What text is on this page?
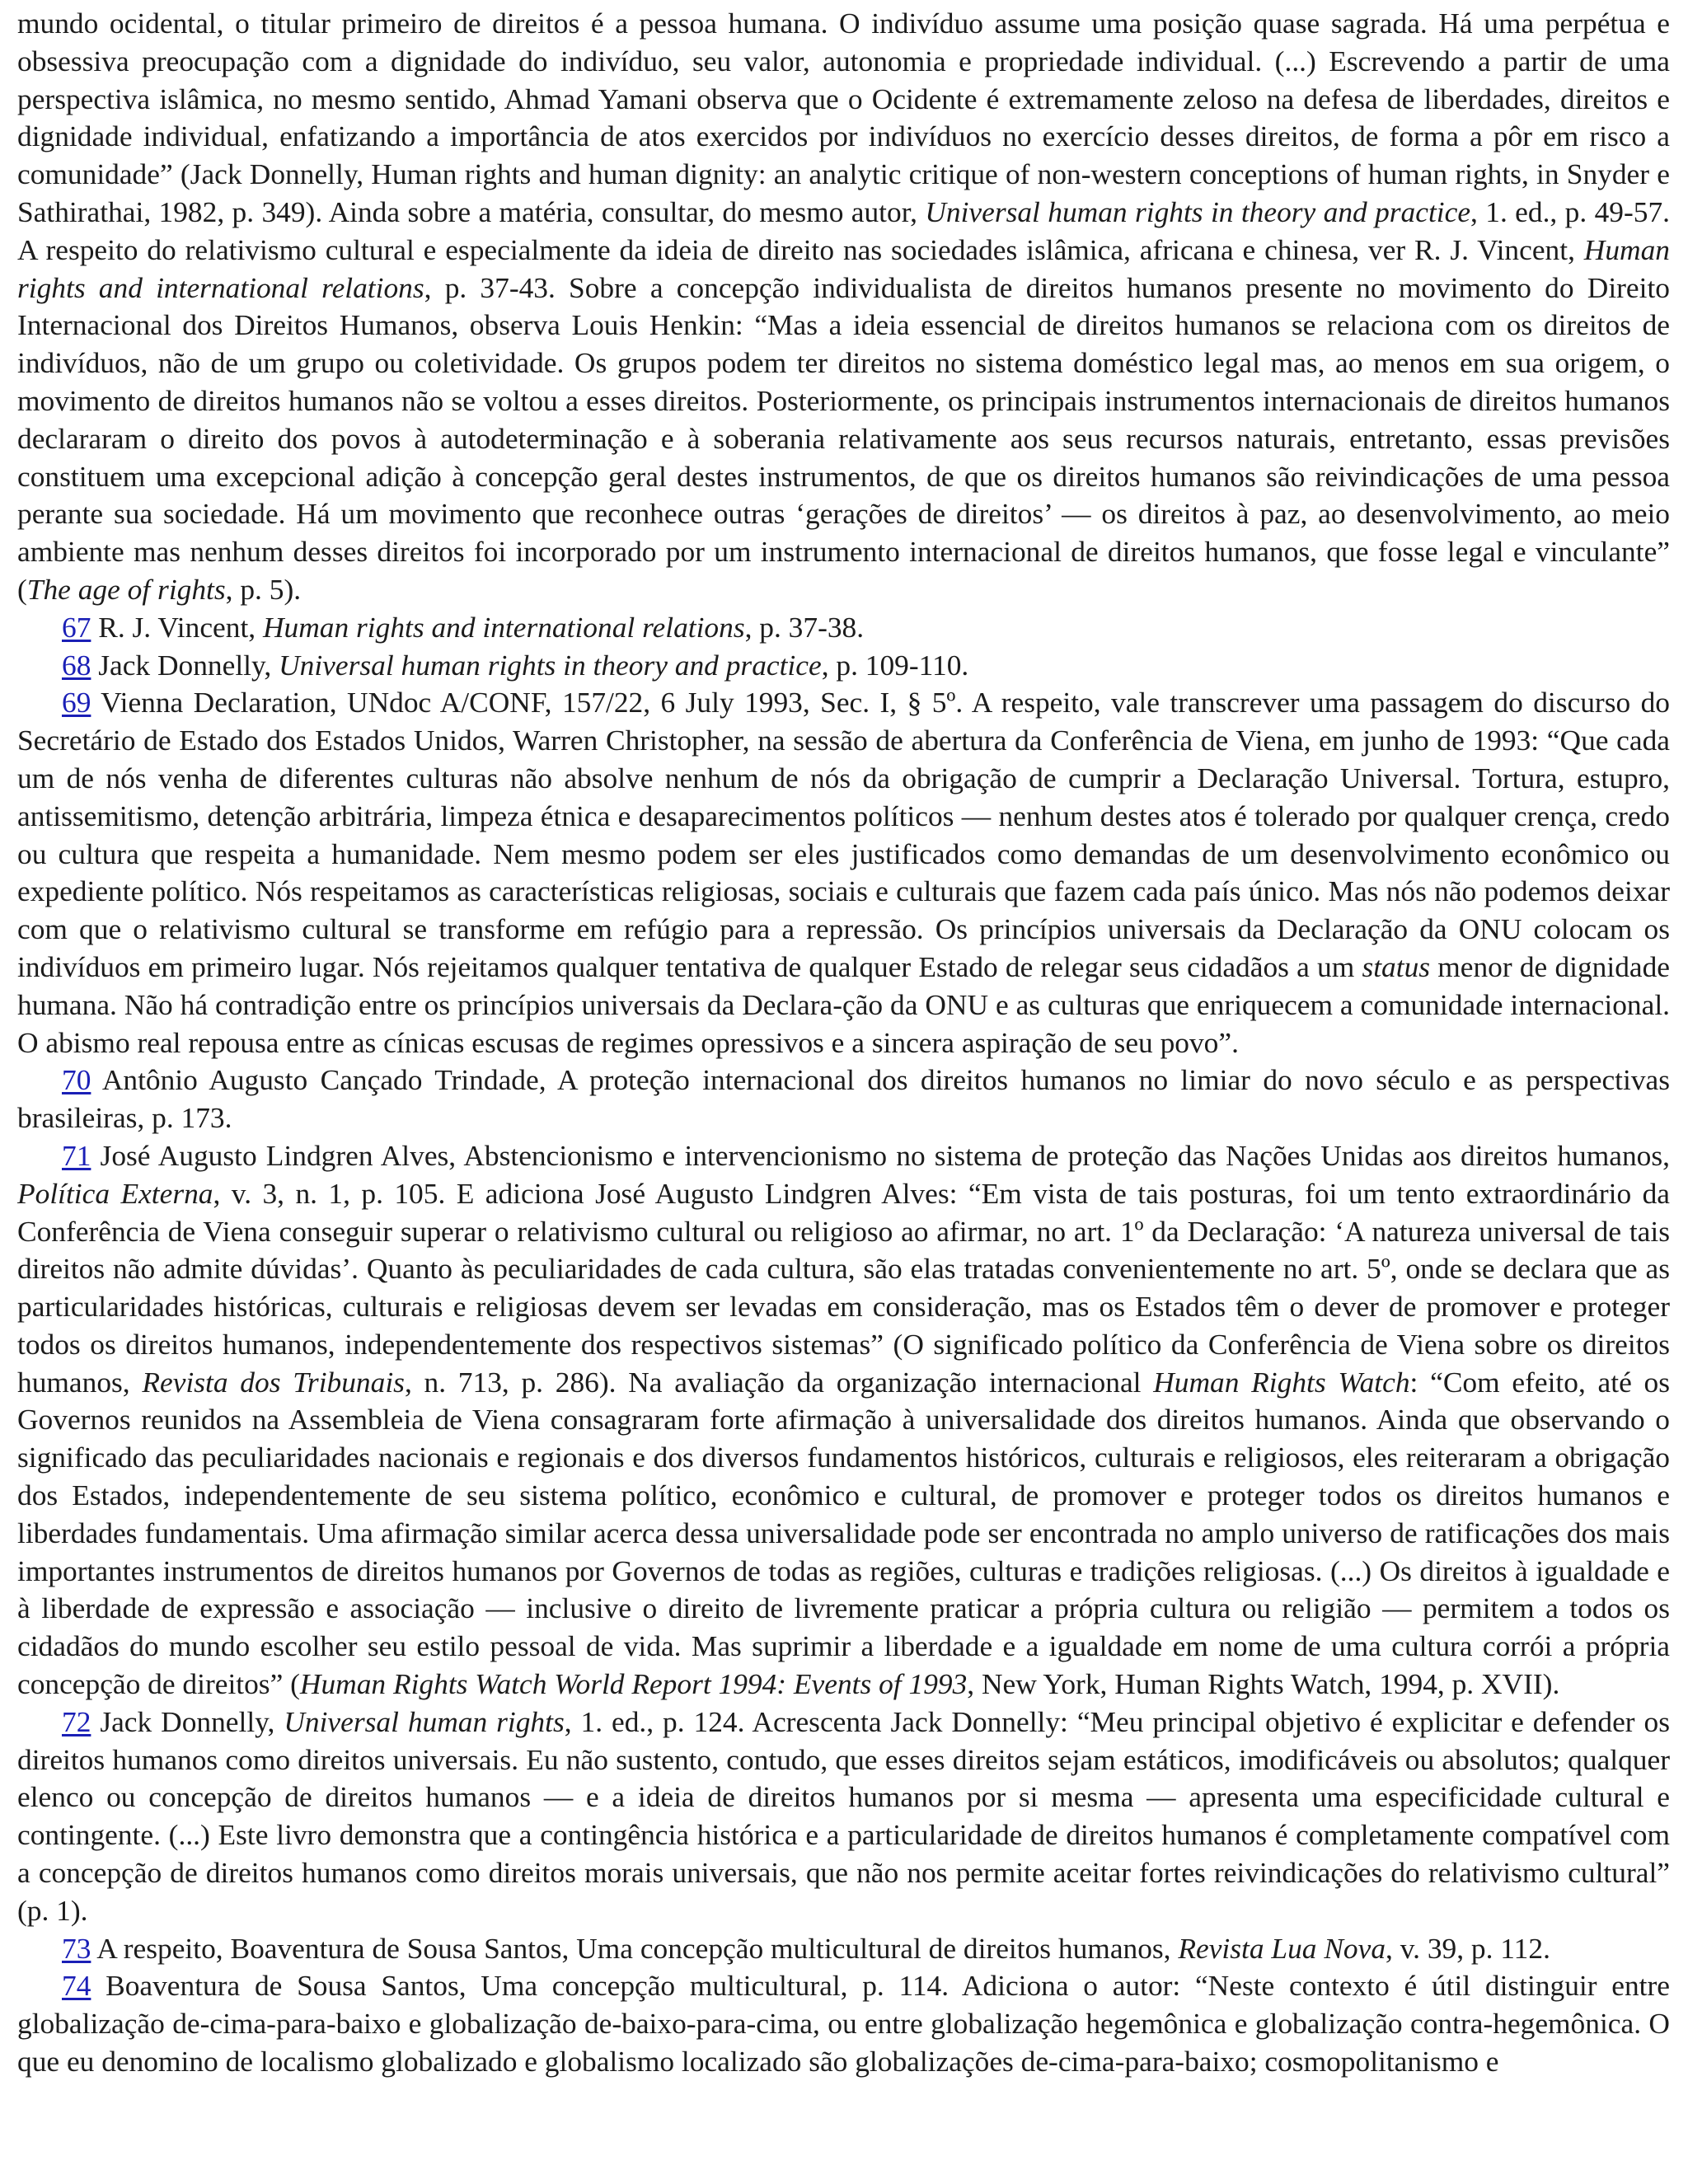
mundo ocidental, o titular primeiro de direitos é a pessoa humana. O indivíduo assume uma posição quase sagrada. Há uma perpétua e obsessiva preocupação com a dignidade do indivíduo, seu valor, autonomia e propriedade individual. (...) Escrevendo a partir de uma perspectiva islâmica, no mesmo sentido, Ahmad Yamani observa que o Ocidente é extremamente zeloso na defesa de liberdades, direitos e dignidade individual, enfatizando a importância de atos exercidos por indivíduos no exercício desses direitos, de forma a pôr em risco a comunidade” (Jack Donnelly, Human rights and human dignity: an analytic critique of non-western conceptions of human rights, in Snyder e Sathirathai, 1982, p. 349). Ainda sobre a matéria, consultar, do mesmo autor, Universal human rights in theory and practice, 1. ed., p. 49-57. A respeito do relativismo cultural e especialmente da ideia de direito nas sociedades islâmica, africana e chinesa, ver R. J. Vincent, Human rights and international relations, p. 37-43. Sobre a concepção individualista de direitos humanos presente no movimento do Direito Internacional dos Direitos Humanos, observa Louis Henkin: “Mas a ideia essencial de direitos humanos se relaciona com os direitos de indivíduos, não de um grupo ou coletividade. Os grupos podem ter direitos no sistema doméstico legal mas, ao menos em sua origem, o movimento de direitos humanos não se voltou a esses direitos. Posteriormente, os principais instrumentos internacionais de direitos humanos declararam o direito dos povos à autodeterminação e à soberania relativamente aos seus recursos naturais, entretanto, essas previsões constituem uma excepcional adição à concepção geral destes instrumentos, de que os direitos humanos são reivindicações de uma pessoa perante sua sociedade. Há um movimento que reconhece outras ‘gerações de direitos’ — os direitos à paz, ao desenvolvimento, ao meio ambiente mas nenhum desses direitos foi incorporado por um instrumento internacional de direitos humanos, que fosse legal e vinculante” (The age of rights, p. 5).

67 R. J. Vincent, Human rights and international relations, p. 37-38.

68 Jack Donnelly, Universal human rights in theory and practice, p. 109-110.

69 Vienna Declaration, UNdoc A/CONF, 157/22, 6 July 1993, Sec. I, § 5º. A respeito, vale transcrever uma passagem do discurso do Secretário de Estado dos Estados Unidos, Warren Christopher, na sessão de abertura da Conferência de Viena, em junho de 1993: “Que cada um de nós venha de diferentes culturas não absolve nenhum de nós da obrigação de cumprir a Declaração Universal. Tortura, estupro, antissemitismo, detenção arbitrária, limpeza étnica e desaparecimentos políticos — nenhum destes atos é tolerado por qualquer crença, credo ou cultura que respeita a humanidade. Nem mesmo podem ser eles justificados como demandas de um desenvolvimento econômico ou expediente político. Nós respeitamos as características religiosas, sociais e culturais que fazem cada país único. Mas nós não podemos deixar com que o relativismo cultural se transforme em refúgio para a repressão. Os princípios universais da Declaração da ONU colocam os indivíduos em primeiro lugar. Nós rejeitamos qualquer tentativa de qualquer Estado de relegar seus cidadãos a um status menor de dignidade humana. Não há contradição entre os princípios universais da Declara-ção da ONU e as culturas que enriquecem a comunidade internacional. O abismo real repousa entre as cínicas escusas de regimes opressivos e a sincera aspiração de seu povo”.

70 Antônio Augusto Cançado Trindade, A proteção internacional dos direitos humanos no limiar do novo século e as perspectivas brasileiras, p. 173.

71 José Augusto Lindgren Alves, Abstencionismo e intervencionismo no sistema de proteção das Nações Unidas aos direitos humanos, Política Externa, v. 3, n. 1, p. 105. E adiciona José Augusto Lindgren Alves: “Em vista de tais posturas, foi um tento extraordinário da Conferência de Viena conseguir superar o relativismo cultural ou religioso ao afirmar, no art. 1º da Declaração: ‘A natureza universal de tais direitos não admite dúvidas’. Quanto às peculiaridades de cada cultura, são elas tratadas convenientemente no art. 5º, onde se declara que as particularidades históricas, culturais e religiosas devem ser levadas em consideração, mas os Estados têm o dever de promover e proteger todos os direitos humanos, independentemente dos respectivos sistemas” (O significado político da Conferência de Viena sobre os direitos humanos, Revista dos Tribunais, n. 713, p. 286). Na avaliação da organização internacional Human Rights Watch: “Com efeito, até os Governos reunidos na Assembleia de Viena consagraram forte afirmação à universalidade dos direitos humanos. Ainda que observando o significado das peculiaridades nacionais e regionais e dos diversos fundamentos históricos, culturais e religiosos, eles reiteraram a obrigação dos Estados, independentemente de seu sistema político, econômico e cultural, de promover e proteger todos os direitos humanos e liberdades fundamentais. Uma afirmação similar acerca dessa universalidade pode ser encontrada no amplo universo de ratificações dos mais importantes instrumentos de direitos humanos por Governos de todas as regiões, culturas e tradições religiosas. (...) Os direitos à igualdade e à liberdade de expressão e associação — inclusive o direito de livremente praticar a própria cultura ou religião — permitem a todos os cidadãos do mundo escolher seu estilo pessoal de vida. Mas suprimir a liberdade e a igualdade em nome de uma cultura corrói a própria concepção de direitos” (Human Rights Watch World Report 1994: Events of 1993, New York, Human Rights Watch, 1994, p. XVII).

72 Jack Donnelly, Universal human rights, 1. ed., p. 124. Acrescenta Jack Donnelly: “Meu principal objetivo é explicitar e defender os direitos humanos como direitos universais. Eu não sustento, contudo, que esses direitos sejam estáticos, imodificáveis ou absolutos; qualquer elenco ou concepção de direitos humanos — e a ideia de direitos humanos por si mesma — apresenta uma especificidade cultural e contingente. (...) Este livro demonstra que a contingência histórica e a particularidade de direitos humanos é completamente compatível com a concepção de direitos humanos como direitos morais universais, que não nos permite aceitar fortes reivindicações do relativismo cultural” (p. 1).

73 A respeito, Boaventura de Sousa Santos, Uma concepção multicultural de direitos humanos, Revista Lua Nova, v. 39, p. 112.

74 Boaventura de Sousa Santos, Uma concepção multicultural, p. 114. Adiciona o autor: “Neste contexto é útil distinguir entre globalização de-cima-para-baixo e globalização de-baixo-para-cima, ou entre globalização hegemônica e globalização contra-hegemônica. O que eu denomino de localismo globalizado e globalismo localizado são globalizações de-cima-para-baixo; cosmopolitanismo e
